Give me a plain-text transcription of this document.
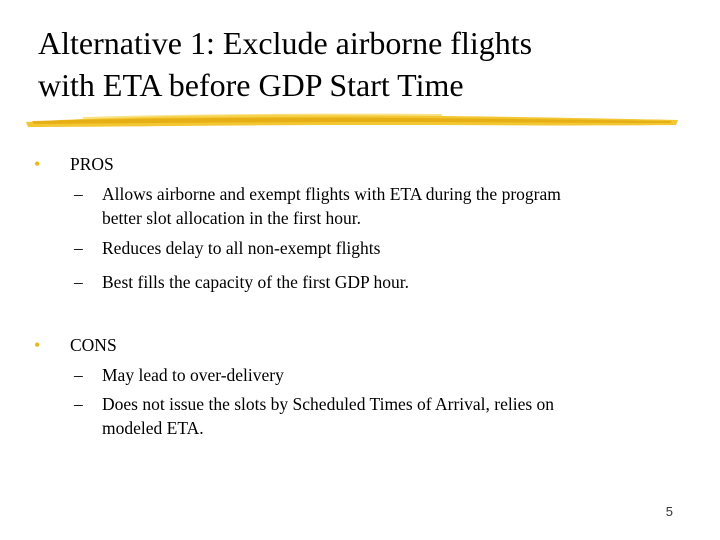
Alternative 1: Exclude airborne flights
with ETA before GDP Start Time
• PROS
– Allows airborne and exempt flights with ETA during the program
better slot allocation in the first hour.
– Reduces delay to all non-exempt flights
– Best fills the capacity of the first GDP hour.
• CONS
– May lead to over-delivery
– Does not issue the slots by Scheduled Times of Arrival, relies on
modeled ETA.
5
